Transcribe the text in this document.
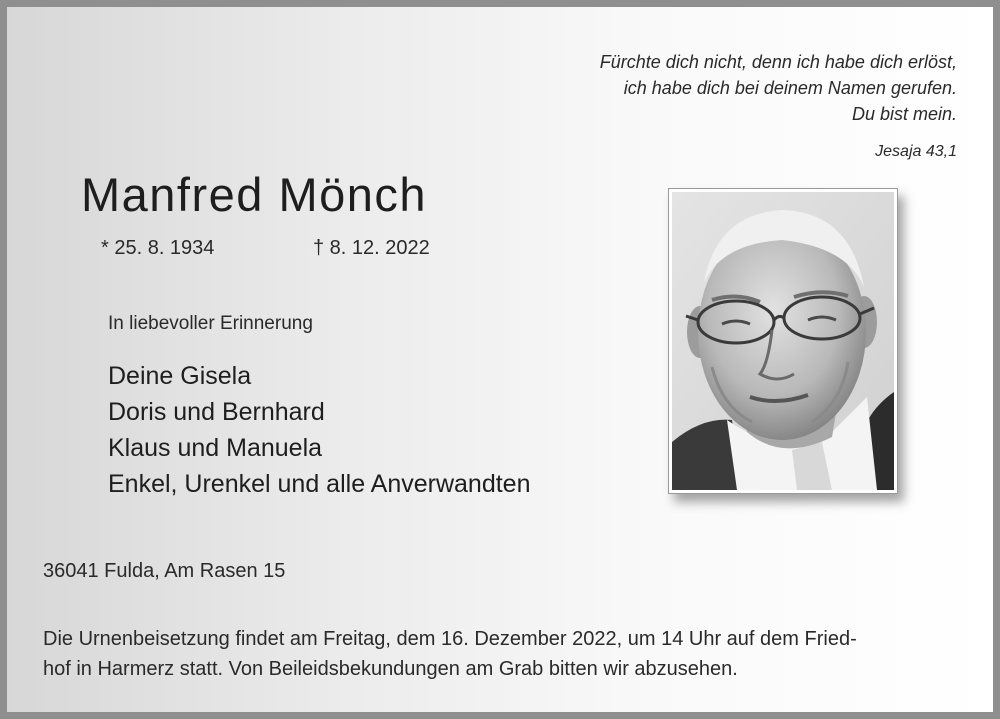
Fürchte dich nicht, denn ich habe dich erlöst,
ich habe dich bei deinem Namen gerufen.
Du bist mein.
Jesaja 43,1
Manfred Mönch
* 25. 8. 1934	† 8. 12. 2022
In liebevoller Erinnerung
Deine Gisela
Doris und Bernhard
Klaus und Manuela
Enkel, Urenkel und alle Anverwandten
36041 Fulda, Am Rasen 15
Die Urnenbeisetzung findet am Freitag, dem 16. Dezember 2022, um 14 Uhr auf dem Fried-
hof in Harmerz statt. Von Beileidsbekundungen am Grab bitten wir abzusehen.
